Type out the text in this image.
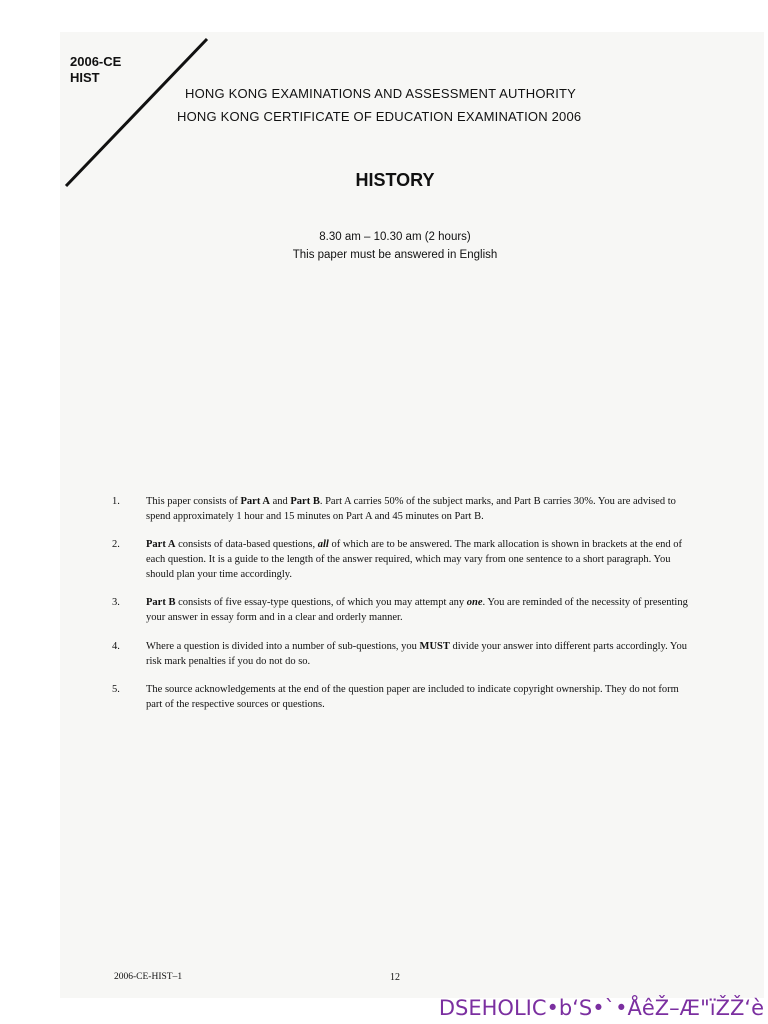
2006-CE
HIST
HONG KONG EXAMINATIONS AND ASSESSMENT AUTHORITY
HONG KONG CERTIFICATE OF EDUCATION EXAMINATION 2006
HISTORY
8.30 am – 10.30 am (2 hours)
This paper must be answered in English
1. This paper consists of Part A and Part B. Part A carries 50% of the subject marks, and Part B carries 30%. You are advised to spend approximately 1 hour and 15 minutes on Part A and 45 minutes on Part B.
2. Part A consists of data-based questions, all of which are to be answered. The mark allocation is shown in brackets at the end of each question. It is a guide to the length of the answer required, which may vary from one sentence to a short paragraph. You should plan your time accordingly.
3. Part B consists of five essay-type questions, of which you may attempt any one. You are reminded of the necessity of presenting your answer in essay form and in a clear and orderly manner.
4. Where a question is divided into a number of sub-questions, you MUST divide your answer into different parts accordingly. You risk mark penalties if you do not do so.
5. The source acknowledgements at the end of the question paper are included to indicate copyright ownership. They do not form part of the respective sources or questions.
2006-CE-HIST–1	12
DSEHOLIC•b‘S•`•ÅêŽ–Æ"ïŽŽ‘è
